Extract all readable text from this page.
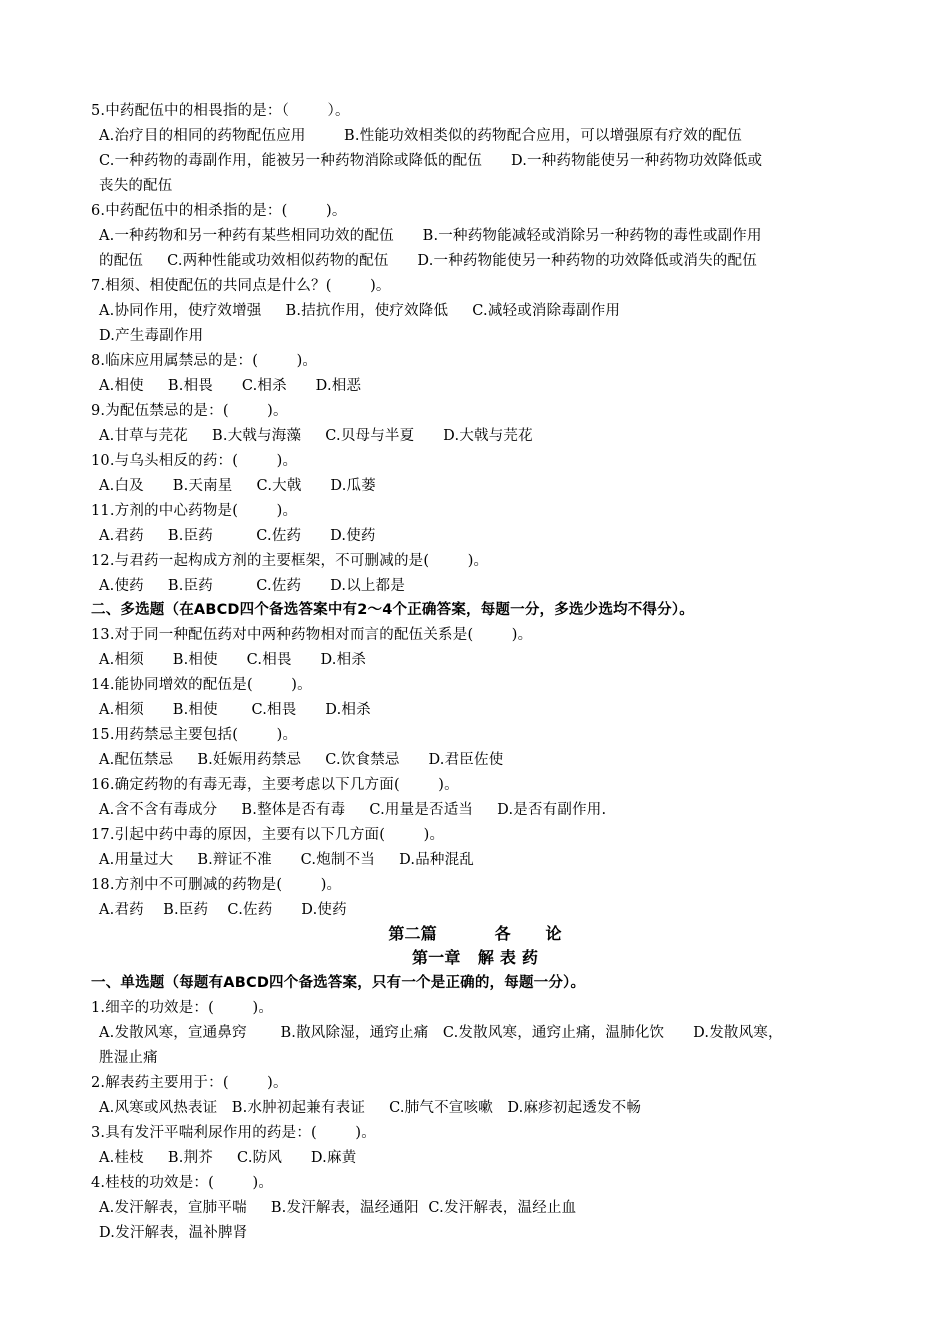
5.中药配伍中的相畏指的是：（        ）。
A.治疗目的相同的药物配伍应用        B.性能功效相类似的药物配合应用，可以增强原有疗效的配伍
C.一种药物的毒副作用，能被另一种药物消除或降低的配伍      D.一种药物能使另一种药物功效降低或
丧失的配伍
6.中药配伍中的相杀指的是：(        )。
A.一种药物和另一种药有某些相同功效的配伍      B.一种药物能减轻或消除另一种药物的毒性或副作用
的配伍     C.两种性能或功效相似药物的配伍      D.一种药物能使另一种药物的功效降低或消失的配伍
7.相须、相使配伍的共同点是什么？(        )。
A.协同作用，使疗效增强     B.拮抗作用，使疗效降低     C.减轻或消除毒副作用
D.产生毒副作用
8.临床应用属禁忌的是：(        )。
A.相使     B.相畏      C.相杀      D.相恶
9.为配伍禁忌的是：(        )。
A.甘草与芫花     B.大戟与海藻     C.贝母与半夏      D.大戟与芫花
10.与乌头相反的药：(        )。
A.白及      B.天南星     C.大戟      D.瓜蒌
11.方剂的中心药物是(        )。
A.君药     B.臣药         C.佐药      D.使药
12.与君药一起构成方剂的主要框架，不可删减的是(        )。
A.使药     B.臣药         C.佐药      D.以上都是
二、多选题（在ABCD四个备选答案中有2～4个正确答案，每题一分，多选少选均不得分）。
13.对于同一种配伍药对中两种药物相对而言的配伍关系是(        )。
A.相须      B.相使      C.相畏      D.相杀
14.能协同增效的配伍是(        )。
A.相须      B.相使       C.相畏      D.相杀
15.用药禁忌主要包括(        )。
A.配伍禁忌     B.妊娠用药禁忌     C.饮食禁忌      D.君臣佐使
16.确定药物的有毒无毒，主要考虑以下几方面(        )。
A.含不含有毒成分     B.整体是否有毒     C.用量是否适当     D.是否有副作用.
17.引起中药中毒的原因，主要有以下几方面(        )。
A.用量过大     B.辩证不准      C.炮制不当     D.品种混乱
18.方剂中不可删减的药物是(        )。
A.君药    B.臣药    C.佐药      D.使药
第二篇          各      论
第一章   解 表 药
一、单选题（每题有ABCD四个备选答案，只有一个是正确的，每题一分）。
1.细辛的功效是：(        )。
A.发散风寒，宣通鼻窍       B.散风除湿，通窍止痛   C.发散风寒，通窍止痛，温肺化饮      D.发散风寒，
胜湿止痛
2.解表药主要用于：(        )。
A.风寒或风热表证   B.水肿初起兼有表证     C.肺气不宣咳嗽   D.麻疹初起透发不畅
3.具有发汗平喘利尿作用的药是：(        )。
A.桂枝     B.荆芥     C.防风      D.麻黄
4.桂枝的功效是：(        )。
A.发汗解表，宣肺平喘     B.发汗解表，温经通阳  C.发汗解表，温经止血
D.发汗解表，温补脾肾
